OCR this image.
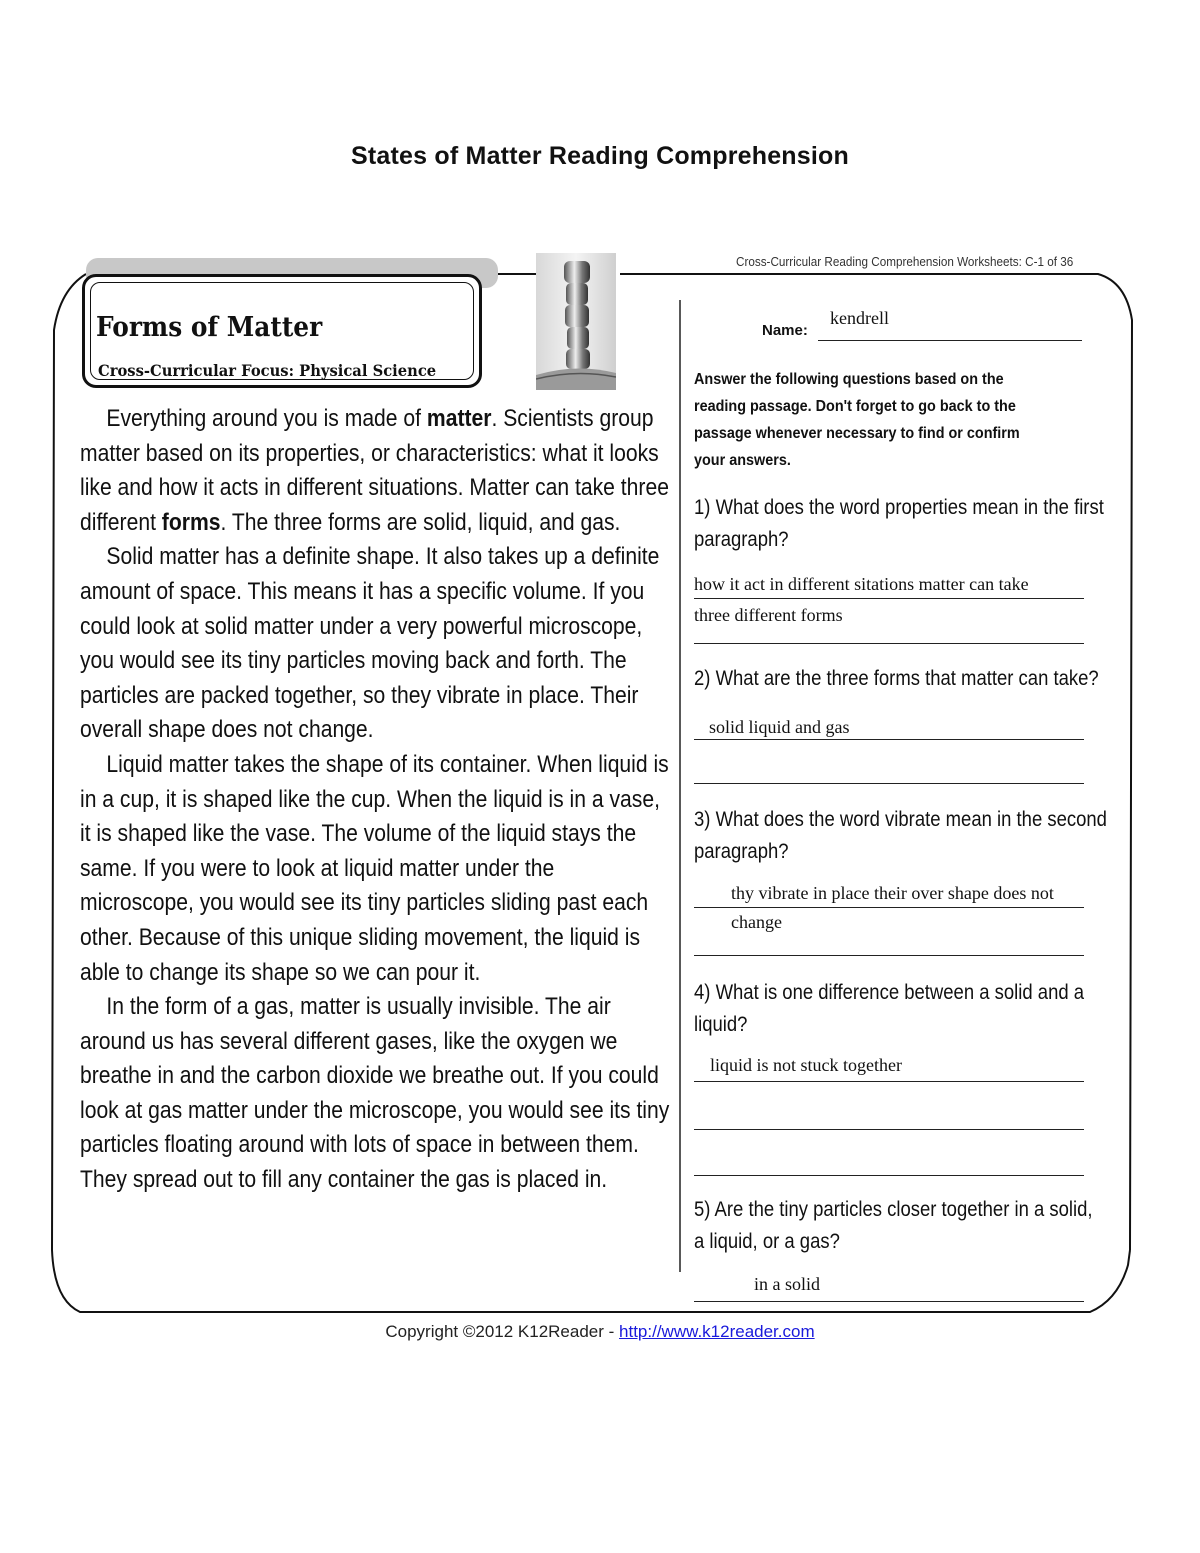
States of Matter Reading Comprehension
Cross-Curricular Reading Comprehension Worksheets: C-1 of 36
Forms of Matter
Cross-Curricular Focus: Physical Science

Everything around you is made of matter. Scientists group matter based on its properties, or characteristics: what it looks like and how it acts in different situations. Matter can take three different forms. The three forms are solid, liquid, and gas.

Solid matter has a definite shape. It also takes up a definite amount of space. This means it has a specific volume. If you could look at solid matter under a very powerful microscope, you would see its tiny particles moving back and forth. The particles are packed together, so they vibrate in place. Their overall shape does not change.

Liquid matter takes the shape of its container. When liquid is in a cup, it is shaped like the cup. When the liquid is in a vase, it is shaped like the vase. The volume of the liquid stays the same. If you were to look at liquid matter under the microscope, you would see its tiny particles sliding past each other. Because of this unique sliding movement, the liquid is able to change its shape so we can pour it.

In the form of a gas, matter is usually invisible. The air around us has several different gases, like the oxygen we breathe in and the carbon dioxide we breathe out. If you could look at gas matter under the microscope, you would see its tiny particles floating around with lots of space in between them. They spread out to fill any container the gas is placed in.

Name:
kendrell
Answer the following questions based on the reading passage. Don't forget to go back to the passage whenever necessary to find or confirm your answers.
1) What does the word properties mean in the first paragraph?
how it act in different sitations matter can take
three different forms
2) What are the three forms that matter can take?
solid liquid and gas
3) What does the word vibrate mean in the second paragraph?
thy vibrate in place their over shape does not
change
4) What is one difference between a solid and a liquid?
liquid is not stuck together
5) Are the tiny particles closer together in a solid, a liquid, or a gas?
in a solid
Copyright ©2012 K12Reader - http://www.k12reader.com
